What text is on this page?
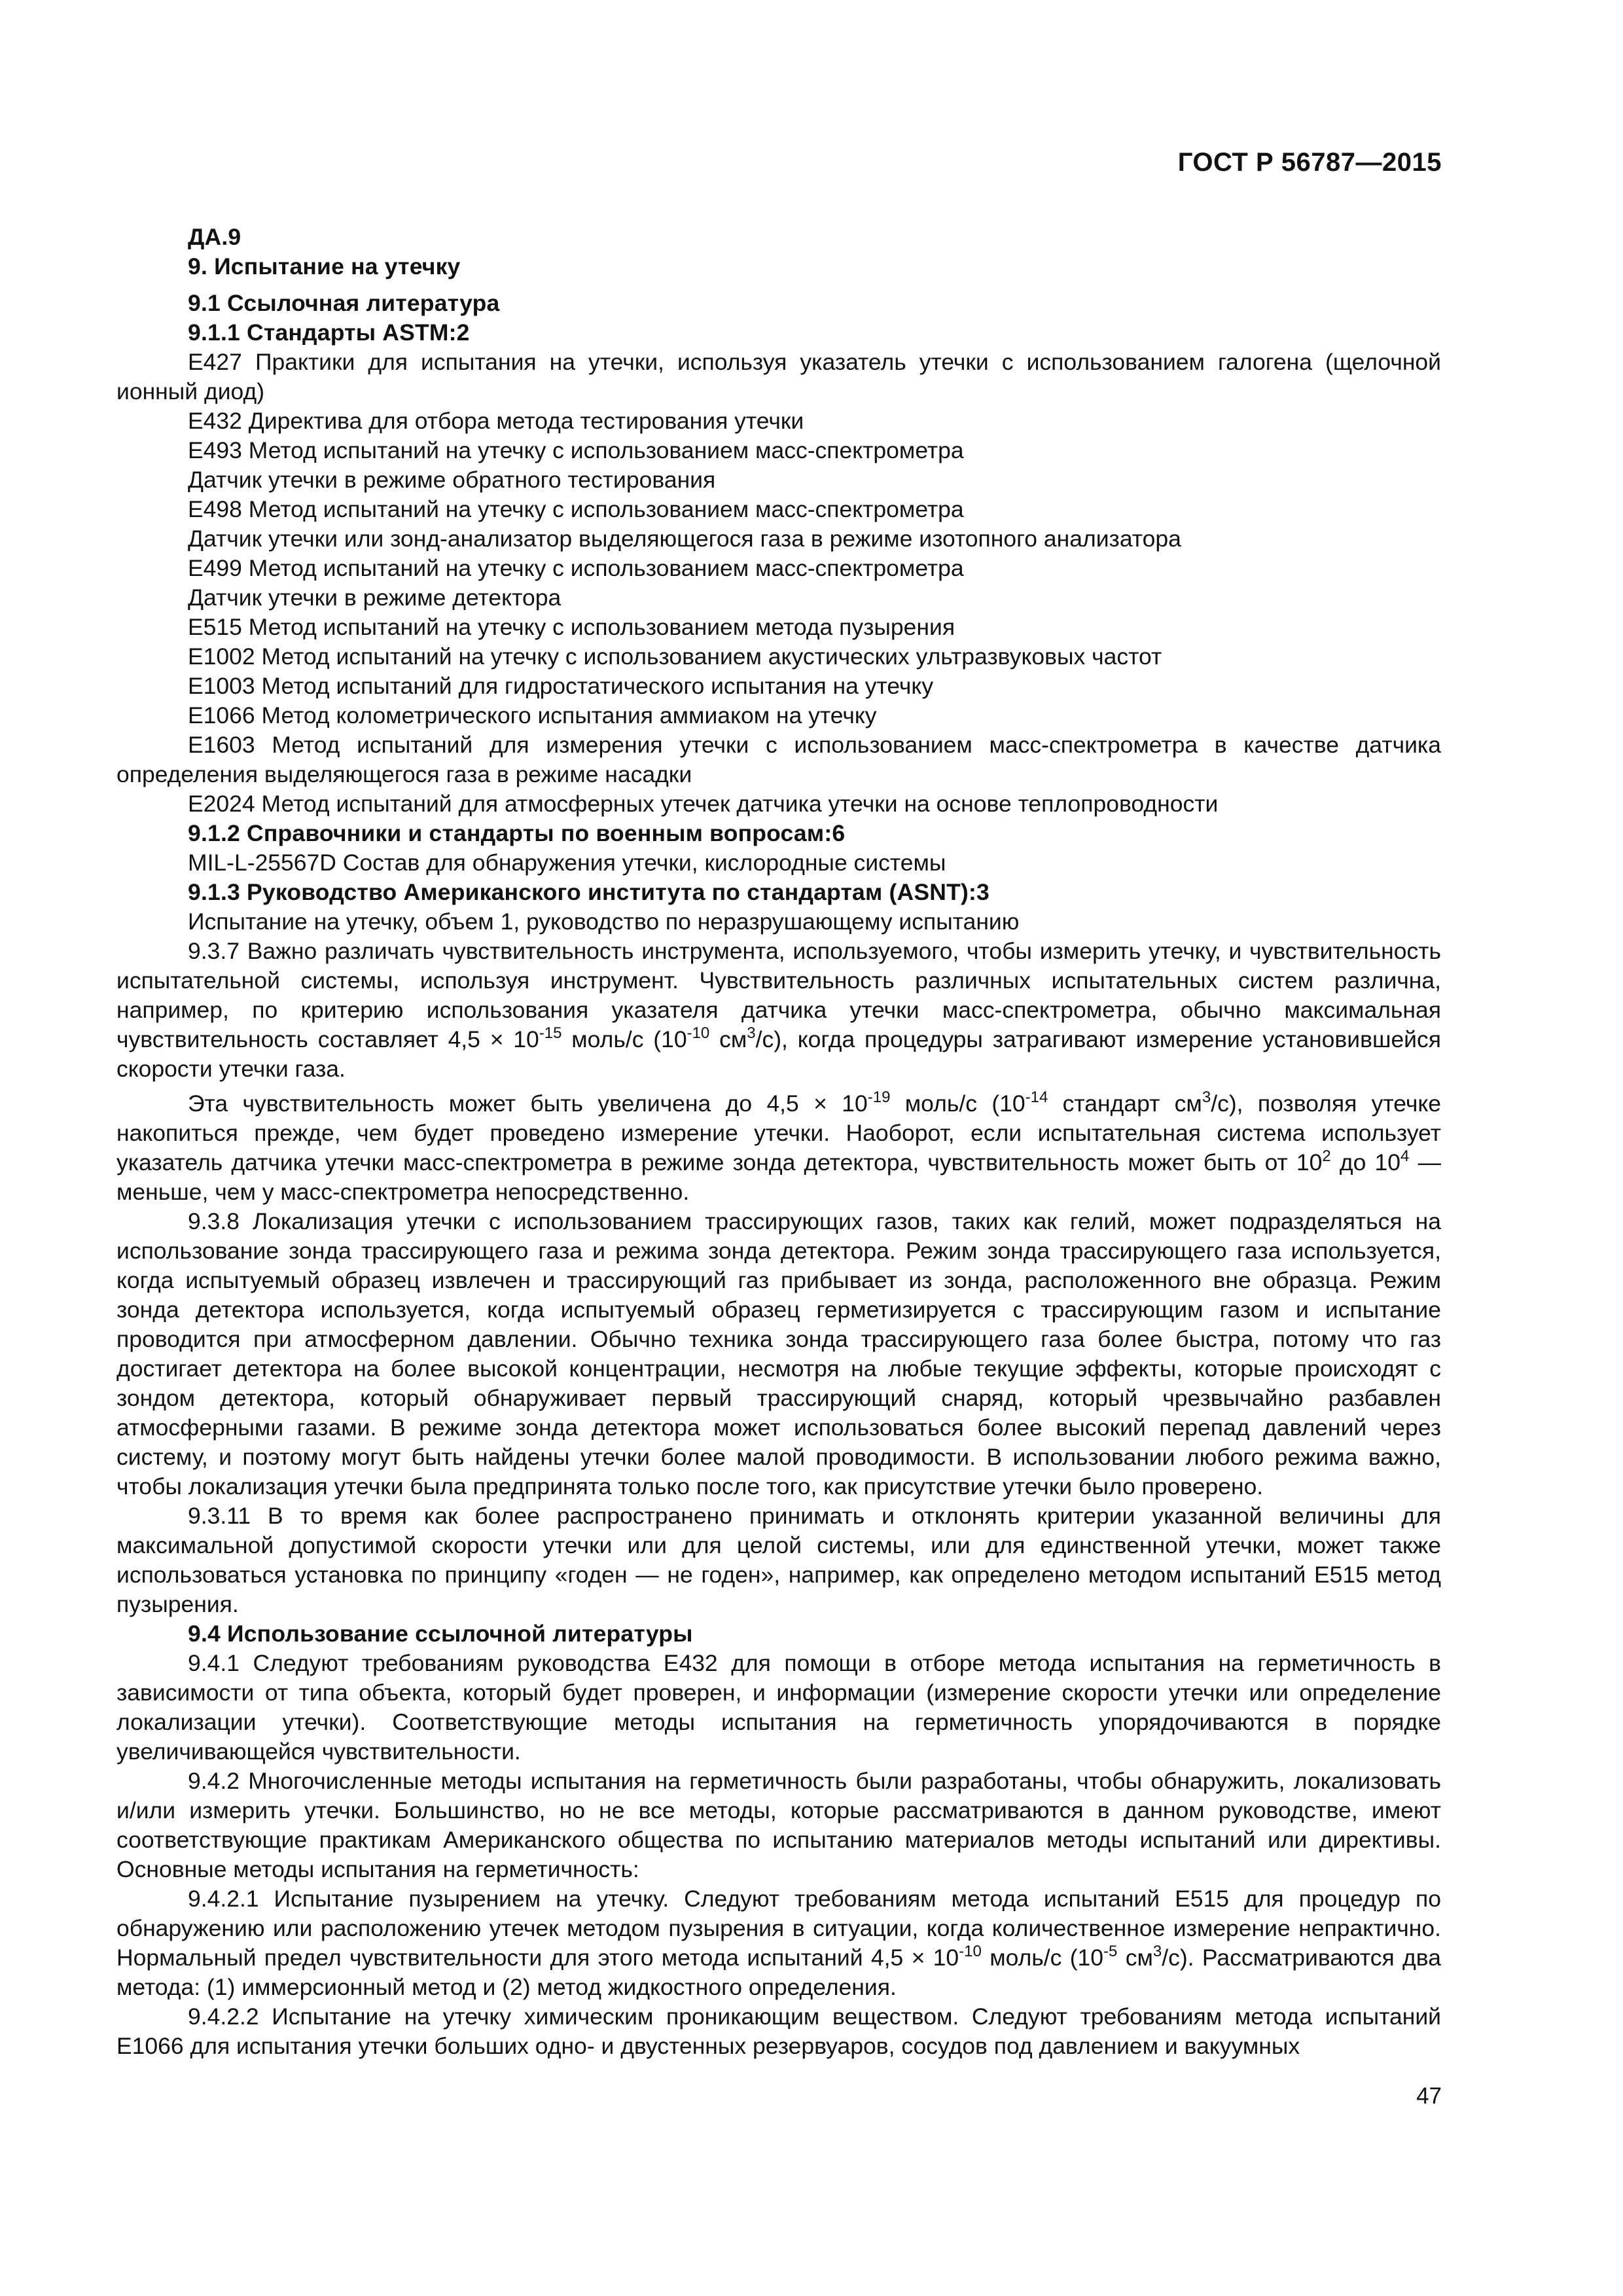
ГОСТ Р 56787—2015

ДА.9

9. Испытание на утечку

9.1 Ссылочная литература

9.1.1 Стандарты ASTM:2

E427 Практики для испытания на утечки, используя указатель утечки с использованием галогена (щелочной ионный диод)

E432 Директива для отбора метода тестирования утечки

E493 Метод испытаний на утечку с использованием масс-спектрометра

Датчик утечки в режиме обратного тестирования

E498 Метод испытаний на утечку с использованием масс-спектрометра

Датчик утечки или зонд-анализатор выделяющегося газа в режиме изотопного анализатора

E499 Метод испытаний на утечку с использованием масс-спектрометра

Датчик утечки в режиме детектора

E515 Метод испытаний на утечку с использованием метода пузырения

E1002 Метод испытаний на утечку с использованием акустических ультразвуковых частот

E1003 Метод испытаний для гидростатического испытания на утечку

E1066 Метод колометрического испытания аммиаком на утечку

E1603 Метод испытаний для измерения утечки с использованием масс-спектрометра в качестве датчика определения выделяющегося газа в режиме насадки

E2024 Метод испытаний для атмосферных утечек датчика утечки на основе теплопроводности

9.1.2 Справочники и стандарты по военным вопросам:6

MIL-L-25567D Состав для обнаружения утечки, кислородные системы

9.1.3 Руководство Американского института по стандартам (ASNT):3

Испытание на утечку, объем 1, руководство по неразрушающему испытанию

9.3.7 Важно различать чувствительность инструмента, используемого, чтобы измерить утечку, и чувствительность испытательной системы, используя инструмент. Чувствительность различных испытательных систем различна, например, по критерию использования указателя датчика утечки масс-спектрометра, обычно максимальная чувствительность составляет $4,5 \times 10^{-15}$ моль/с ($10^{-10}$ $см^3/с$), когда процедуры затрагивают измерение установившейся скорости утечки газа.

Эта чувствительность может быть увеличена до $4,5 \times 10^{-19}$ моль/с ($10^{-14}$ стандарт $см^3/с$), позволяя утечке накопиться прежде, чем будет проведено измерение утечки. Наоборот, если испытательная система использует указатель датчика утечки масс-спектрометра в режиме зонда детектора, чувствительность может быть от $10^2$ до $10^4$ — меньше, чем у масс-спектрометра непосредственно.

9.3.8 Локализация утечки с использованием трассирующих газов, таких как гелий, может подразделяться на использование зонда трассирующего газа и режима зонда детектора. Режим зонда трассирующего газа используется, когда испытуемый образец извлечен и трассирующий газ прибывает из зонда, расположенного вне образца. Режим зонда детектора используется, когда испытуемый образец герметизируется с трассирующим газом и испытание проводится при атмосферном давлении. Обычно техника зонда трассирующего газа более быстра, потому что газ достигает детектора на более высокой концентрации, несмотря на любые текущие эффекты, которые происходят с зондом детектора, который обнаруживает первый трассирующий снаряд, который чрезвычайно разбавлен атмосферными газами. В режиме зонда детектора может использоваться более высокий перепад давлений через систему, и поэтому могут быть найдены утечки более малой проводимости. В использовании любого режима важно, чтобы локализация утечки была предпринята только после того, как присутствие утечки было проверено.

9.3.11 В то время как более распространено принимать и отклонять критерии указанной величины для максимальной допустимой скорости утечки или для целой системы, или для единственной утечки, может также использоваться установка по принципу «годен — не годен», например, как определено методом испытаний E515 метод пузырения.

9.4 Использование ссылочной литературы

9.4.1 Следуют требованиям руководства E432 для помощи в отборе метода испытания на герметичность в зависимости от типа объекта, который будет проверен, и информации (измерение скорости утечки или определение локализации утечки). Соответствующие методы испытания на герметичность упорядочиваются в порядке увеличивающейся чувствительности.

9.4.2 Многочисленные методы испытания на герметичность были разработаны, чтобы обнаружить, локализовать и/или измерить утечки. Большинство, но не все методы, которые рассматриваются в данном руководстве, имеют соответствующие практикам Американского общества по испытанию материалов методы испытаний или директивы. Основные методы испытания на герметичность:

9.4.2.1 Испытание пузырением на утечку. Следуют требованиям метода испытаний E515 для процедур по обнаружению или расположению утечек методом пузырения в ситуации, когда количественное измерение непрактично. Нормальный предел чувствительности для этого метода испытаний $4,5 \times 10^{-10}$ моль/с ($10^{-5}$ $см^3/с$). Рассматриваются два метода: (1) иммерсионный метод и (2) метод жидкостного определения.

9.4.2.2 Испытание на утечку химическим проникающим веществом. Следуют требованиям метода испытаний E1066 для испытания утечки больших одно- и двустенных резервуаров, сосудов под давлением и вакуумных

47
